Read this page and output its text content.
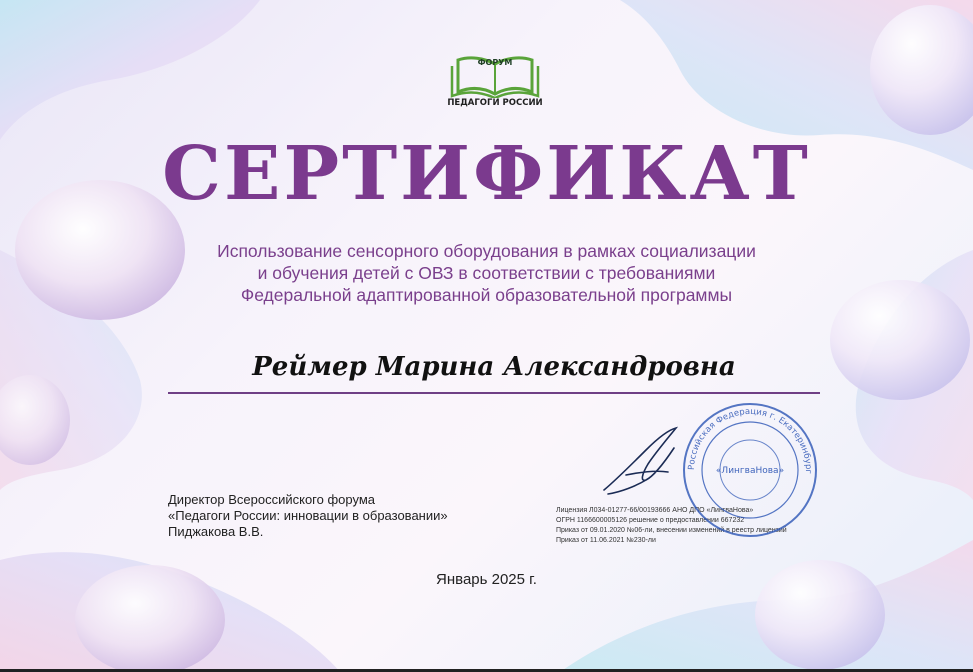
ФОРУМ
ПЕДАГОГИ РОССИИ
СЕРТИФИКАТ
Использование сенсорного оборудования в рамках социализации
и обучения детей с ОВЗ в соответствии с требованиями
Федеральной адаптированной образовательной программы
Реймер Марина Александровна
Директор Всероссийского форума
«Педагоги России: инновации в образовании»
Пиджакова В.В.
Лицензия Л034-01277-66/00193666 АНО ДПО «ЛингваНова»
ОГРН 1166600005126 решение о предоставлении 667232
Приказ от 09.01.2020 №06-ли, внесении изменений в реестр лицензий
Приказ от 11.06.2021 №230-ли
Российская Федерация г. Екатеринбург
«ЛингваНова»
Январь 2025 г.
